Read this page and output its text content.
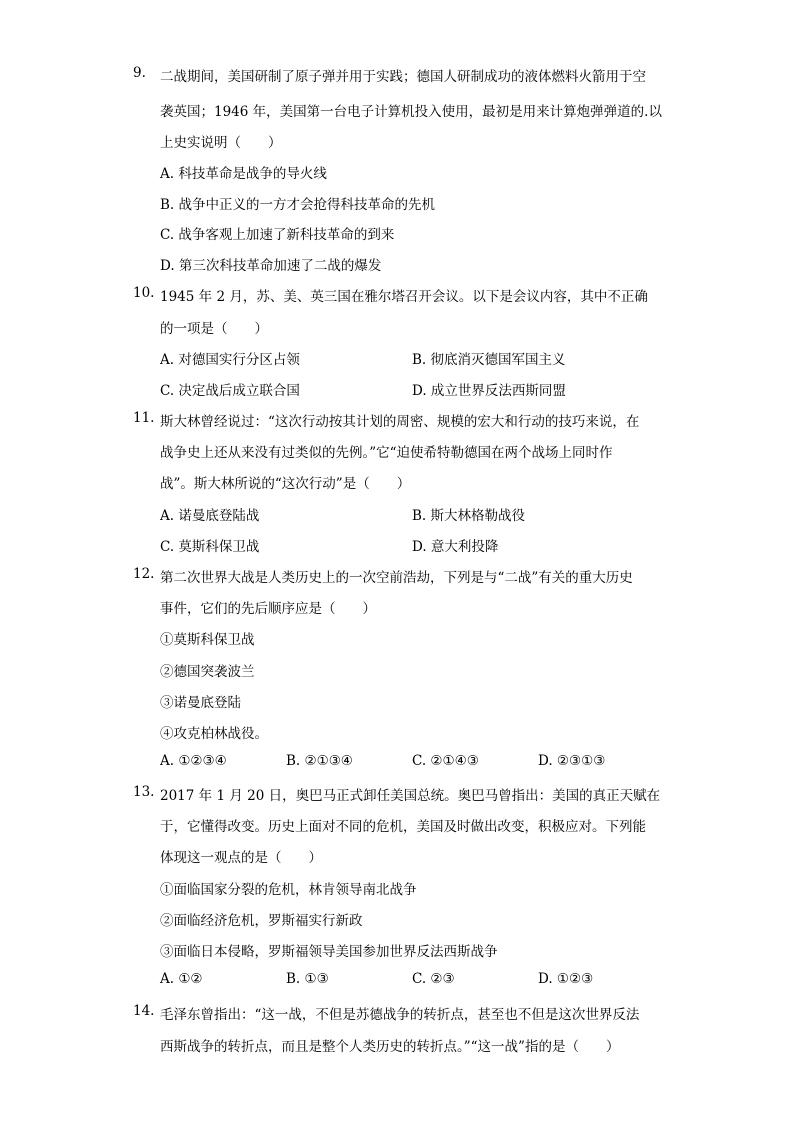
9.	二战期间，美国研制了原子弹并用于实践；德国人研制成功的液体燃料火箭用于空
袭英国；1946 年，美国第一台电子计算机投入使用，最初是用来计算炮弹弹道的.以
上史实说明（　　）
A. 科技革命是战争的导火线
B. 战争中正义的一方才会抢得科技革命的先机
C. 战争客观上加速了新科技革命的到来
D. 第三次科技革命加速了二战的爆发
10. 1945 年 2 月，苏、美、英三国在雅尔塔召开会议。以下是会议内容，其中不正确
的一项是（　　）
A. 对德国实行分区占领	B. 彻底消灭德国军国主义
C. 决定战后成立联合国	D. 成立世界反法西斯同盟
11. 斯大林曾经说过：“这次行动按其计划的周密、规模的宏大和行动的技巧来说，在
战争史上还从来没有过类似的先例。”它“迫使希特勒德国在两个战场上同时作
战”。斯大林所说的“这次行动”是（　　）
A. 诺曼底登陆战	B. 斯大林格勒战役
C. 莫斯科保卫战	D. 意大利投降
12. 第二次世界大战是人类历史上的一次空前浩劫，下列是与“二战”有关的重大历史
事件，它们的先后顺序应是（　　）
①莫斯科保卫战
②德国突袭波兰
③诺曼底登陆
④攻克柏林战役。
A. ①②③④	B. ②①③④	C. ②①④③	D. ②③①③
13. 2017 年 1 月 20 日，奥巴马正式卸任美国总统。奥巴马曾指出：美国的真正天赋在
于，它懂得改变。历史上面对不同的危机，美国及时做出改变，积极应对。下列能
体现这一观点的是（　　）
①面临国家分裂的危机，林肯领导南北战争
②面临经济危机，罗斯福实行新政
③面临日本侵略，罗斯福领导美国参加世界反法西斯战争
A. ①②	B. ①③	C. ②③	D. ①②③
14. 毛泽东曾指出：“这一战，不但是苏德战争的转折点，甚至也不但是这次世界反法
西斯战争的转折点，而且是整个人类历史的转折点。”“这一战”指的是（　　）
